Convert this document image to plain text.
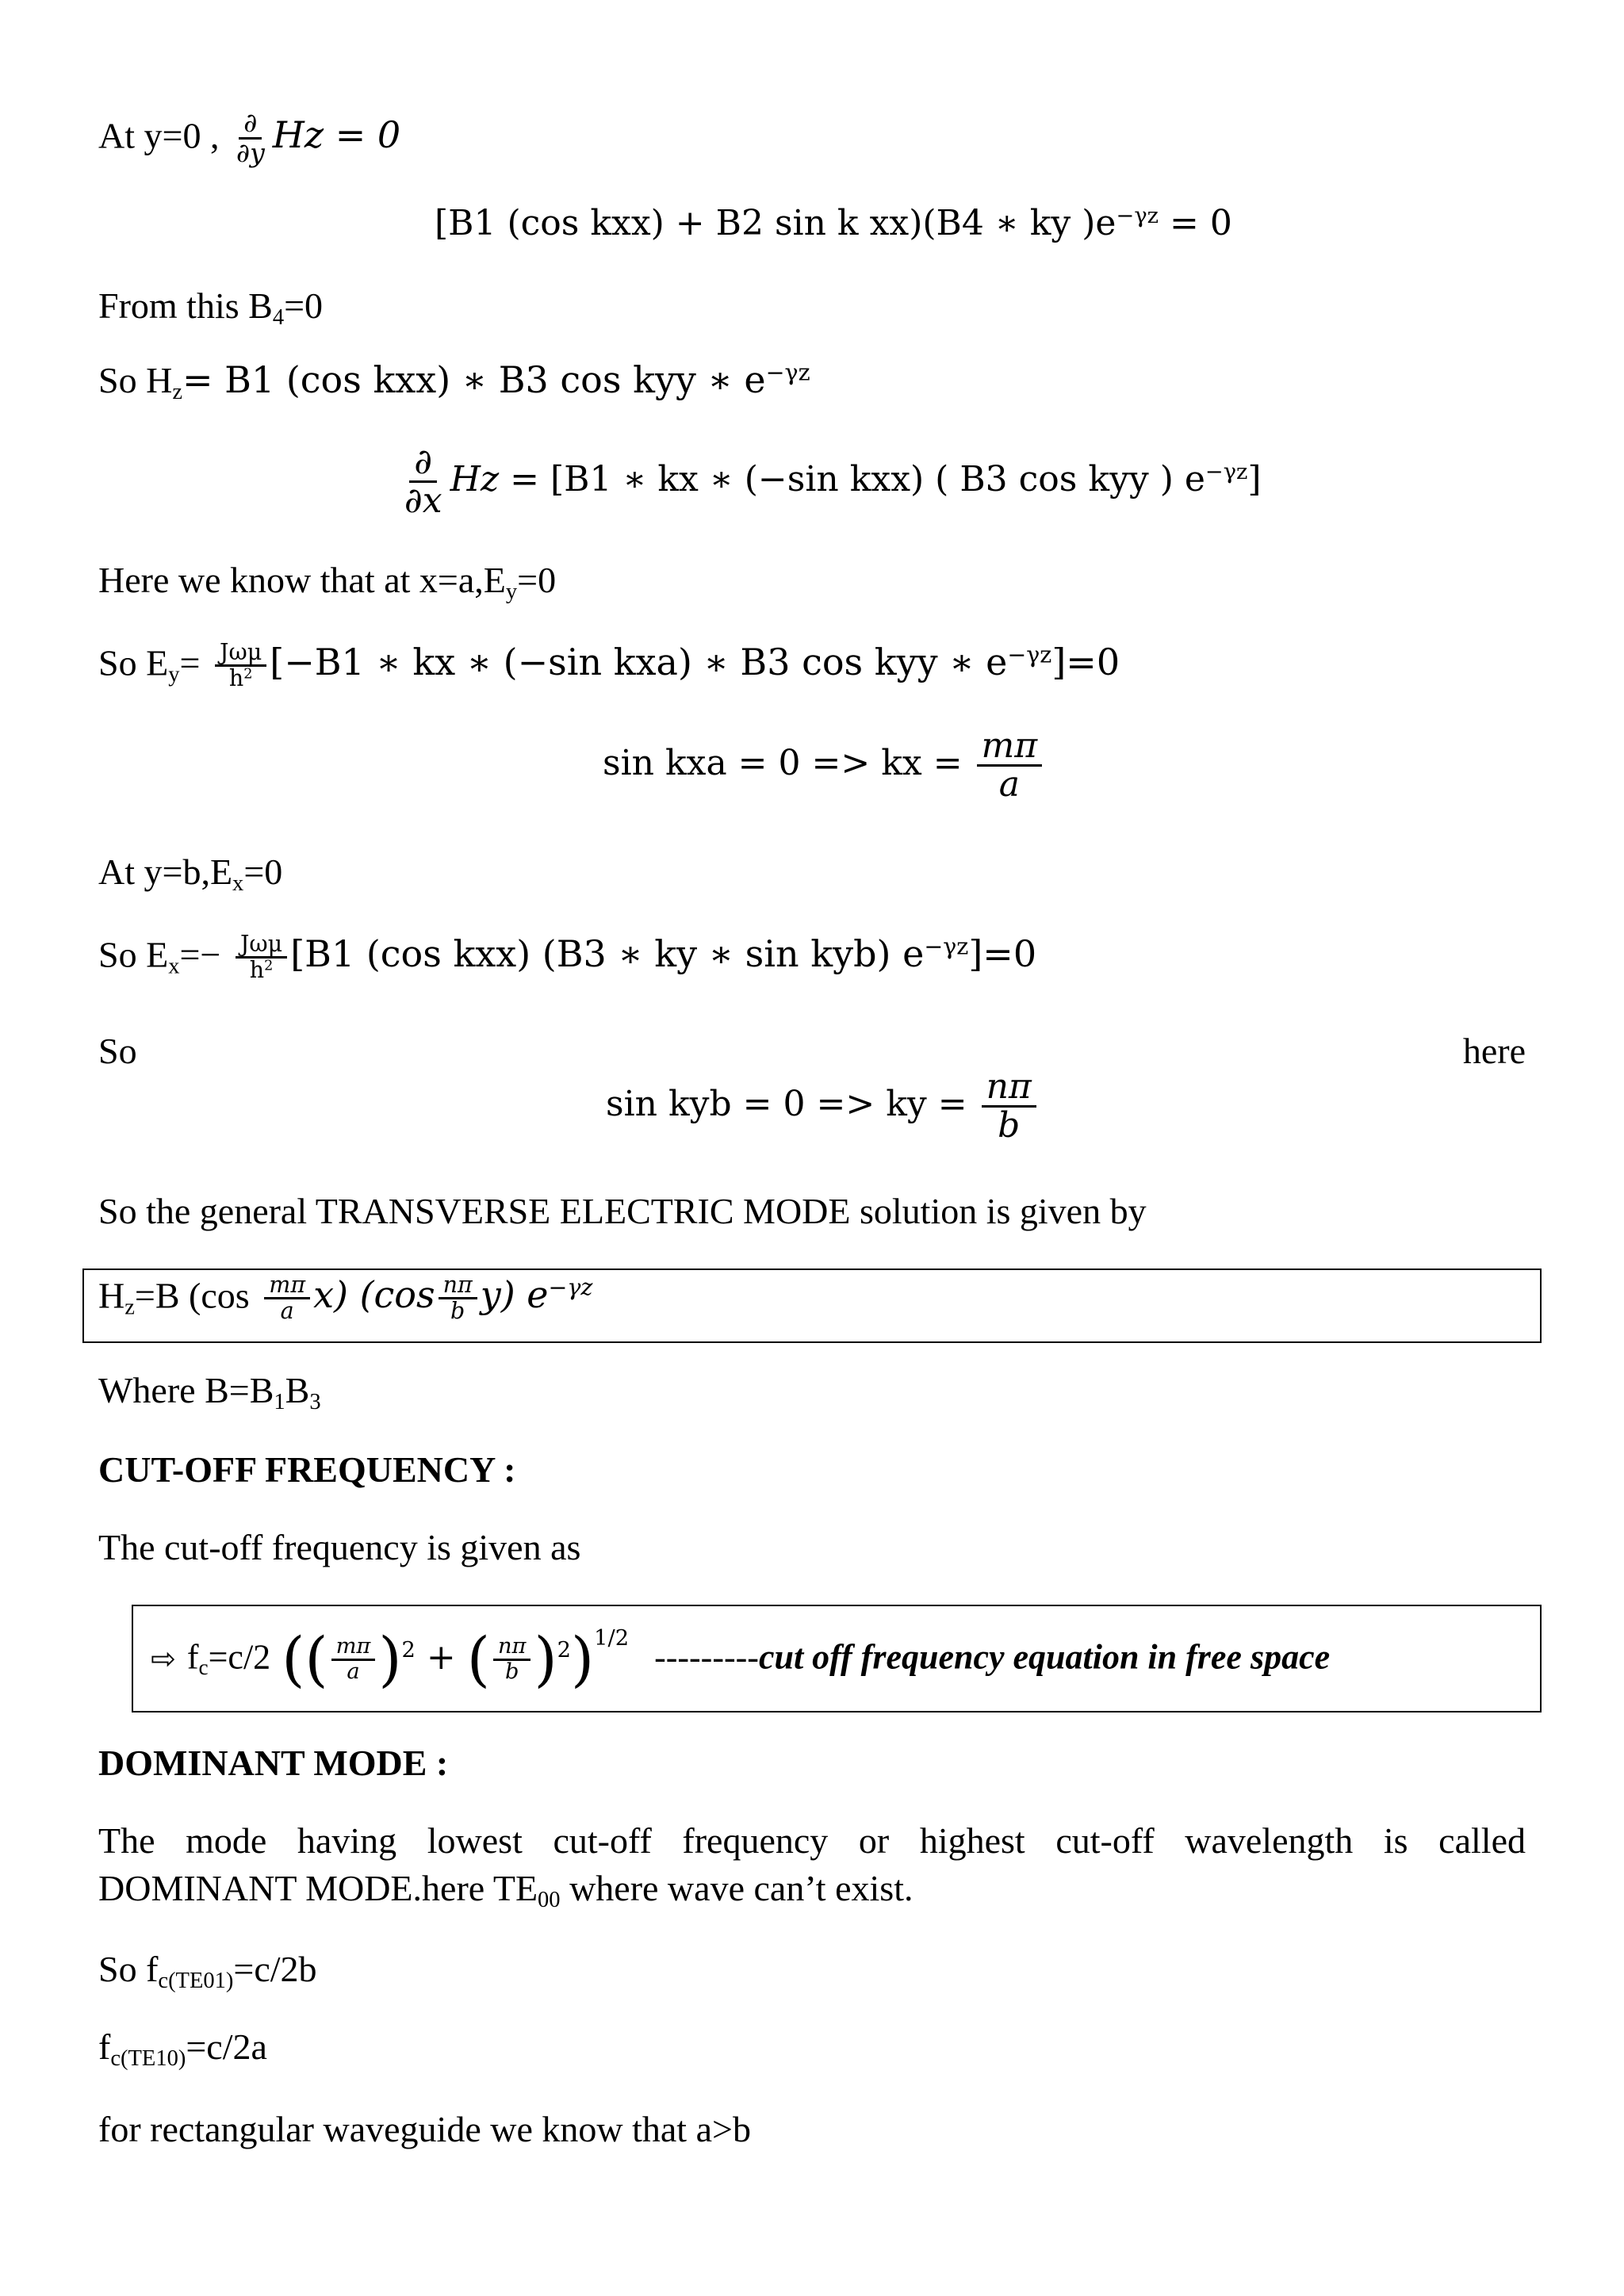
At y=0 , $\frac{\partial}{\partial y}$ Hz = 0
[B1 (cos kxx) + B2 sin k xx)(B4 ∗ ky )$e^{-\gamma z} = 0$
From this $B_4=0$
So $H_z= B1$ (cos kxx) ∗ B3 cos kyy ∗ $e^{-\gamma z}$
$\frac{\partial}{\partial x}$ Hz = [B1 ∗ kx ∗ (−sin kxx) ( B3 cos kyy ) $e^{-\gamma z}$]
Here we know that at $x=a,E_y=0$
So $E_y= \frac{\text{Jωμ}}{h^2} [-B1$ ∗ kx ∗ (−sin kxa) ∗ B3 cos kyy ∗ $e^{-\gamma z}]=0$
sin kxa = 0 => kx = $\frac{m\pi}{a}$
At $y=b,E_x=0$
So $E_x=- \frac{\text{Jωμ}}{h^2} [B1$ (cos kxx) (B3 ∗ ky ∗ sin kyb) $e^{-\gamma z}]=0$
So	here
sin kyb = 0 => ky = $\frac{n\pi}{b}$
So the general TRANSVERSE ELECTRIC MODE solution is given by
$H_z=B$ $(\cos \frac{m\pi}{a} x)$ $(\cos \frac{n\pi}{b} y)$ $e^{-\gamma z}$
Where $B=B_1B_3$
CUT-OFF FREQUENCY :
The cut-off frequency is given as
⇨ $f_c=c/2$ (( $\frac{m\pi}{a} )^2$ + ( $\frac{n\pi}{b} )^2)^{1/2}$ ---------cut off frequency equation in free space
DOMINANT MODE :
The mode having lowest cut-off frequency or highest cut-off wavelength is called
DOMINANT MODE.here $TE_{00}$ where wave can’t exist.
So $f_{c(TE01)}=c/2b$
$f_{c(TE10)}=c/2a$
for rectangular waveguide we know that a>b
